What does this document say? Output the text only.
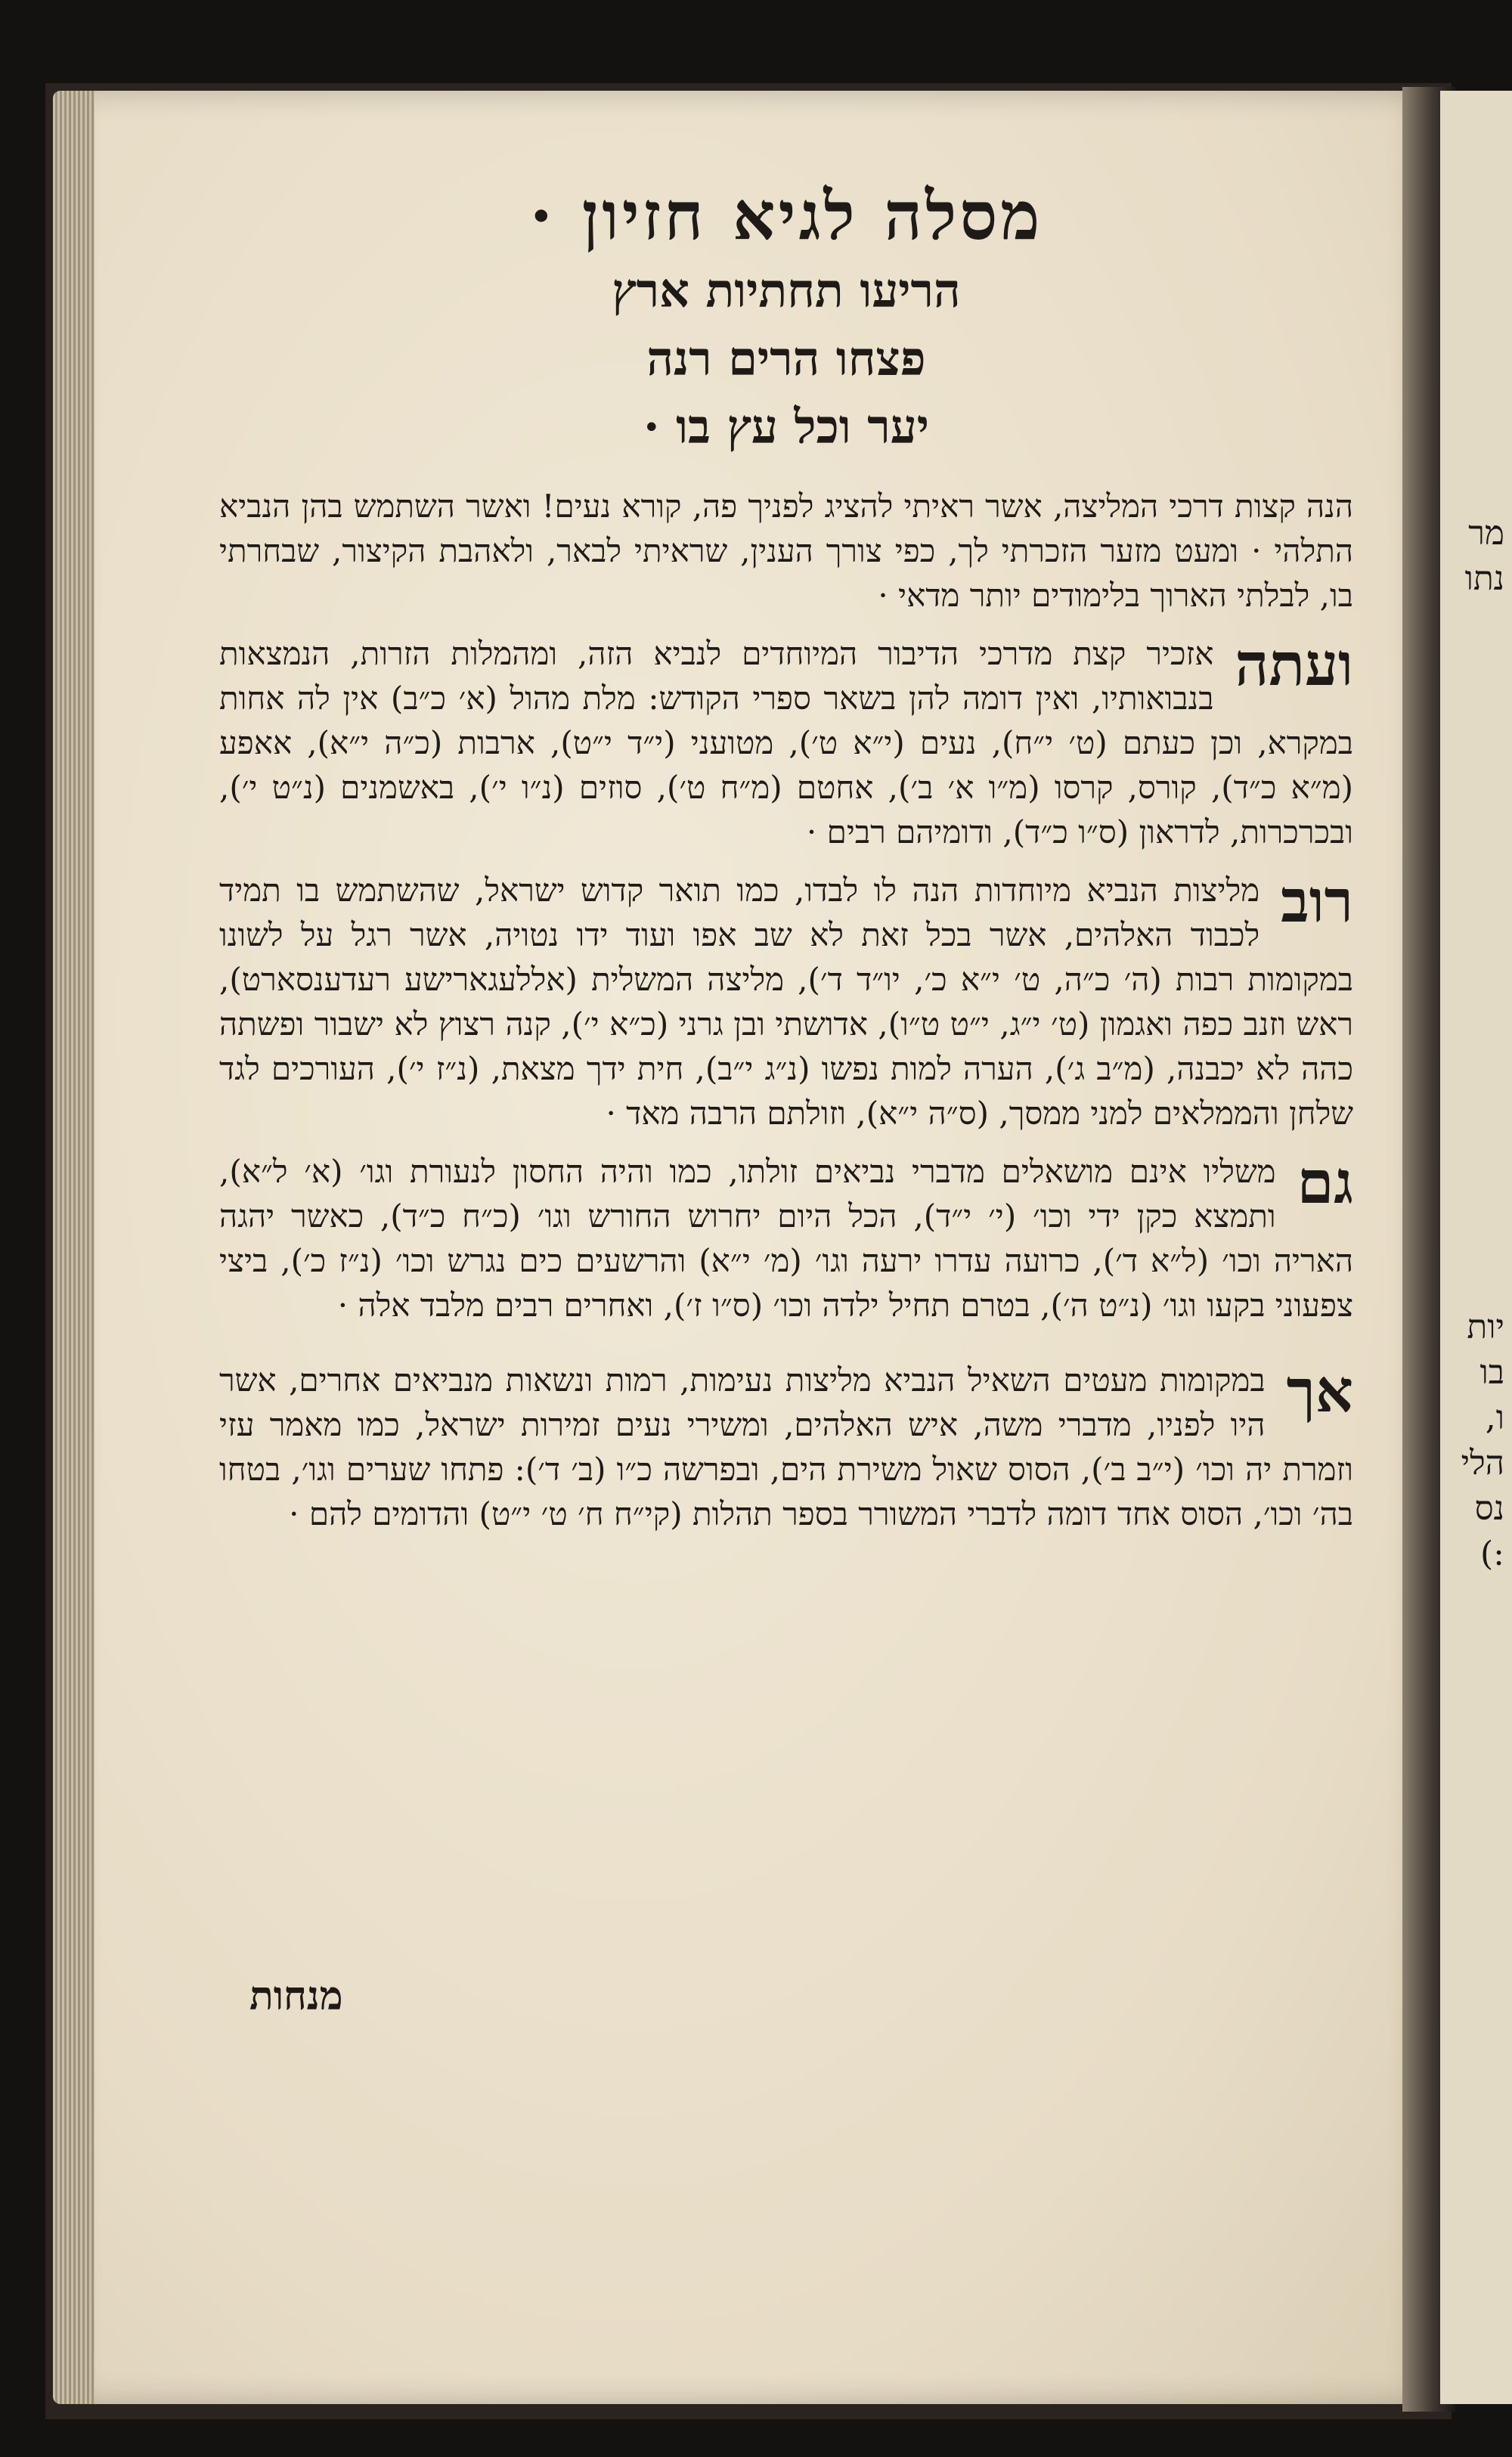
מר
נתו
יות
בו
ו,
הלי
נס
:)
מסלה לגיא חזיון ·

הריעו תחתיות ארץ

פצחו הרים רנה

יער וכל עץ בו ·

הנה קצות דרכי המליצה, אשר ראיתי להציג לפניך פה, קורא נעים! ואשר השתמש בהן הנביא התלהי · ומעט מזער הזכרתי לך, כפי צורך הענין, שראיתי לבאר, ולאהבת הקיצור, שבחרתי בו, לבלתי הארוך בלימודים יותר מדאי ·
ועתה
אזכיר קצת מדרכי הדיבור המיוחדים לנביא הזה, ומהמלות הזרות, הנמצאות בנבואותיו, ואין דומה להן בשאר ספרי הקודש: מלת מהול (א׳ כ״ב) אין לה אחות במקרא, וכן כעתם (ט׳ י״ח), נעים (י״א ט׳), מטועני (י״ד י״ט), ארבות (כ״ה י״א), אאפע (מ״א כ״ד), קורס, קרסו (מ״ו א׳ ב׳), אחטם (מ״ח ט׳), סוזים (נ״ו י׳), באשמנים (נ״ט י׳), ובכרכרות, לדראון (ס״ו כ״ד), ודומיהם רבים ·
רוב
מליצות הנביא מיוחדות הנה לו לבדו, כמו תואר קדוש ישראל, שהשתמש בו תמיד לכבוד האלהים, אשר בכל זאת לא שב אפו ועוד ידו נטויה, אשר רגל על לשונו במקומות רבות (ה׳ כ״ה, ט׳ י״א כ׳, יו״ד ד׳), מליצה המשלית (אללעגארישע רעדענסארט), ראש וזנב כפה ואגמון (ט׳ י״ג, י״ט ט״ו), אדושתי ובן גרני (כ״א י׳), קנה רצוץ לא ישבור ופשתה כהה לא יכבנה, (מ״ב ג׳), הערה למות נפשו (נ״ג י״ב), חית ידך מצאת, (נ״ז י׳), העורכים לגד שלחן והממלאים למני ממסך, (ס״ה י״א), וזולתם הרבה מאד ·
גם
משליו אינם מושאלים מדברי נביאים זולתו, כמו והיה החסון לנעורת וגו׳ (א׳ ל״א), ותמצא כקן ידי וכו׳ (י׳ י״ד), הכל היום יחרוש החורש וגו׳ (כ״ח כ״ד), כאשר יהגה האריה וכו׳ (ל״א ד׳), כרועה עדרו ירעה וגו׳ (מ׳ י״א) והרשעים כים נגרש וכו׳ (נ״ז כ׳), ביצי צפעוני בקעו וגו׳ (נ״ט ה׳), בטרם תחיל ילדה וכו׳ (ס״ו ז׳), ואחרים רבים מלבד אלה ·
אך
במקומות מעטים השאיל הנביא מליצות נעימות, רמות ונשאות מנביאים אחרים, אשר היו לפניו, מדברי משה, איש האלהים, ומשירי נעים זמירות ישראל, כמו מאמר עזי וזמרת יה וכו׳ (י״ב ב׳), הסוס שאול משירת הים, ובפרשה כ״ו (ב׳ ד׳): פתחו שערים וגו׳, בטחו בה׳ וכו׳, הסוס אחד דומה לדברי המשורר בספר תהלות (קי״ח ח׳ ט׳ י״ט) והדומים להם ·
מנחות
